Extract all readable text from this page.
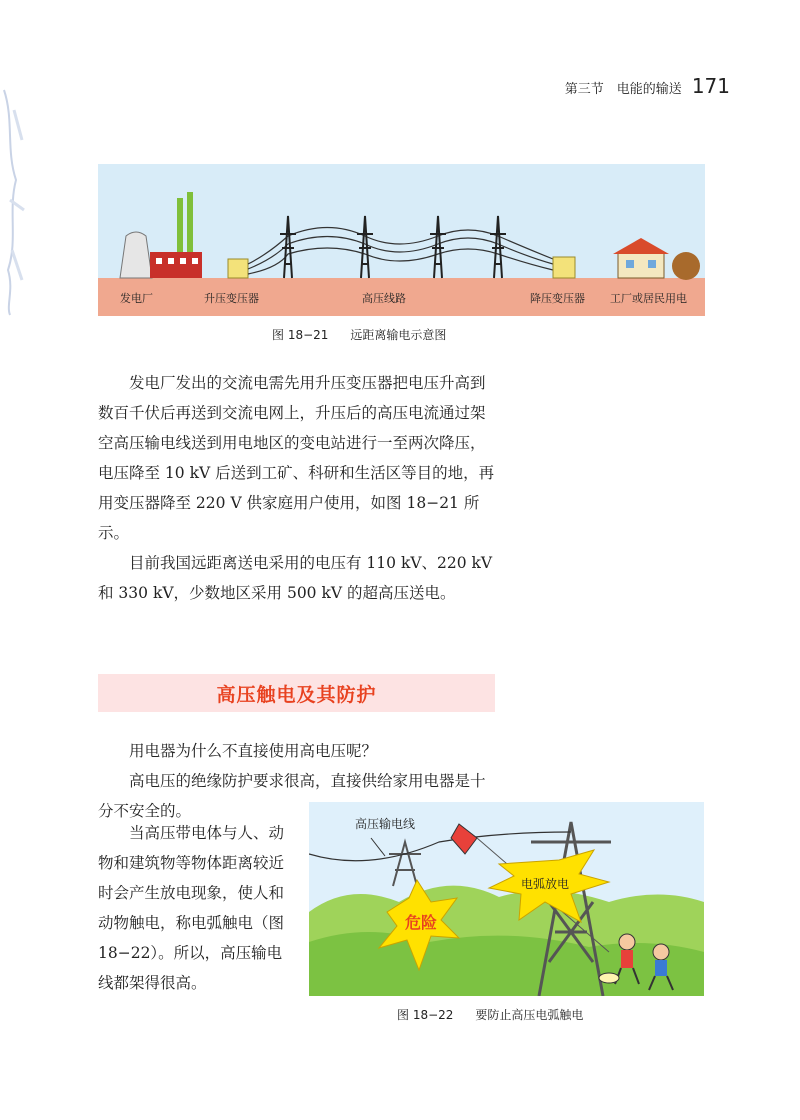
第三节　电能的输送 171
发电厂	升压变压器	高压线路	降压变压器 工厂或居民用电
图 18−21 远距离输电示意图

发电厂发出的交流电需先用升压变压器把电压升高到数百千伏后再送到交流电网上，升压后的高压电流通过架空高压输电线送到用电地区的变电站进行一至两次降压，电压降至 10 kV 后送到工矿、科研和生活区等目的地，再用变压器降至 220 V 供家庭用户使用，如图 18−21 所示。

目前我国远距离送电采用的电压有 110 kV、220 kV 和 330 kV，少数地区采用 500 kV 的超高压送电。

高压触电及其防护

用电器为什么不直接使用高电压呢？

高电压的绝缘防护要求很高，直接供给家用电器是十分不安全的。

当高压带电体与人、动物和建筑物等物体距离较近时会产生放电现象，使人和动物触电，称电弧触电（图 18−22）。所以，高压输电线都架得很高。

高压输电线
电弧放电
危险
图 18−22 要防止高压电弧触电
